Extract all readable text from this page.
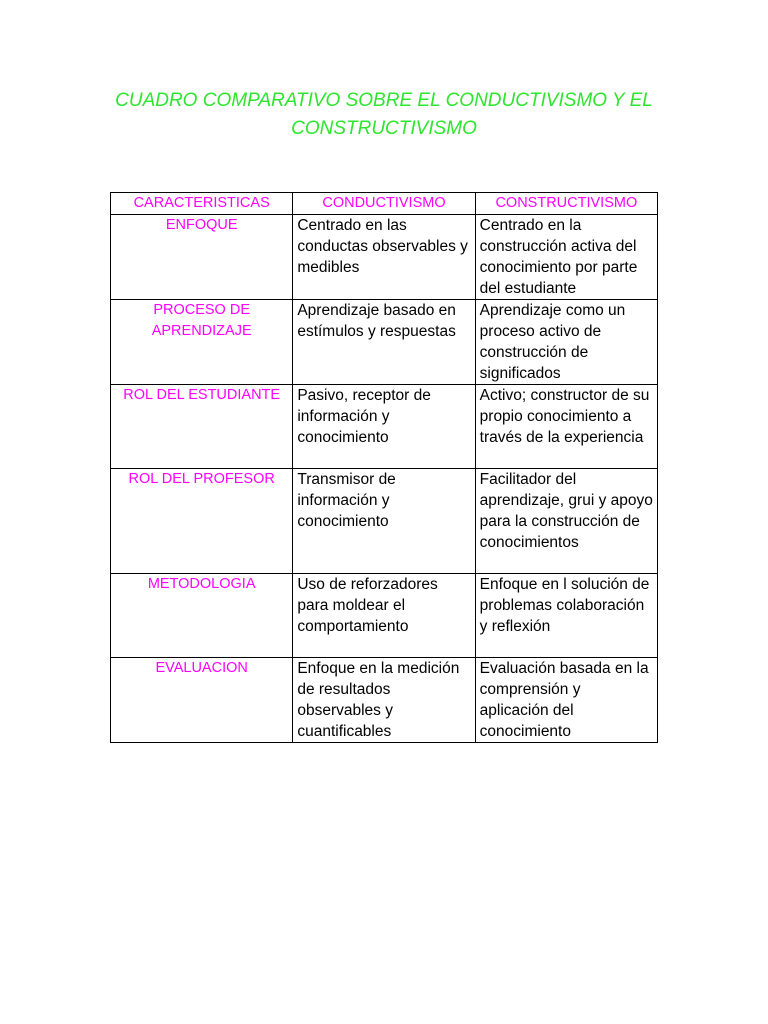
CUADRO COMPARATIVO SOBRE EL CONDUCTIVISMO Y EL CONSTRUCTIVISMO
CARACTERISTICAS	CONDUCTIVISMO	CONSTRUCTIVISMO
ENFOQUE	Centrado en las conductas observables y medibles	Centrado en la construcción activa del conocimiento por parte del estudiante
PROCESO DE APRENDIZAJE	Aprendizaje basado en estímulos y respuestas	Aprendizaje como un proceso activo de construcción de significados
ROL DEL ESTUDIANTE	Pasivo, receptor de información y conocimiento	Activo; constructor de su propio conocimiento a través de la experiencia
ROL DEL PROFESOR	Transmisor de información y conocimiento	Facilitador del aprendizaje, grui y apoyo para la construcción de conocimientos
METODOLOGIA	Uso de reforzadores para moldear el comportamiento	Enfoque en l solución de problemas colaboración y reflexión
EVALUACION	Enfoque en la medición de resultados observables y cuantificables	Evaluación basada en la comprensión y aplicación del conocimiento
